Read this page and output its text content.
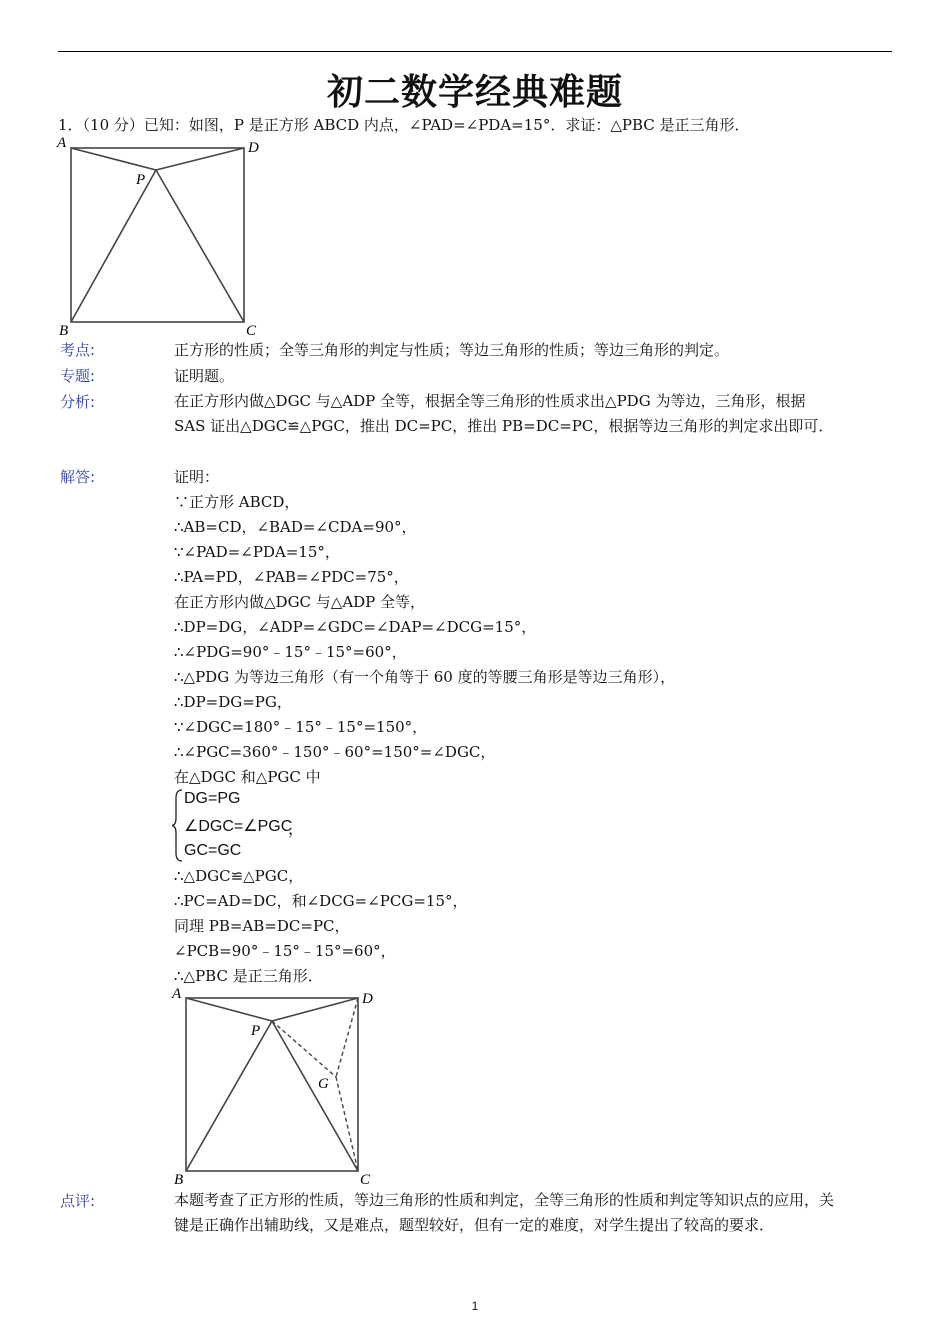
初二数学经典难题
1．（10 分）已知：如图，P 是正方形 ABCD 内点，∠PAD=∠PDA=15°．求证：△PBC 是正三角形．
A	D
P
B	C
考点:	正方形的性质；全等三角形的判定与性质；等边三角形的性质；等边三角形的判定。
专题:	证明题。
分析:	在正方形内做△DGC 与△ADP 全等，根据全等三角形的性质求出△PDG 为等边，三角形，根据 SAS 证出△DGC≌△PGC，推出 DC=PC，推出 PB=DC=PC，根据等边三角形的判定求出即可．
解答:	证明：
∵正方形 ABCD，
∴AB=CD，∠BAD=∠CDA=90°，
∵∠PAD=∠PDA=15°，
∴PA=PD，∠PAB=∠PDC=75°，
在正方形内做△DGC 与△ADP 全等，
∴DP=DG，∠ADP=∠GDC=∠DAP=∠DCG=15°，
∴∠PDG=90°﹣15°﹣15°=60°，
∴△PDG 为等边三角形（有一个角等于 60 度的等腰三角形是等边三角形），
∴DP=DG=PG，
∵∠DGC=180°﹣15°﹣15°=150°，
∴∠PGC=360°﹣150°﹣60°=150°=∠DGC，
在△DGC 和△PGC 中
DG=PG
∠DGC=∠PGC
，
GC=GC
∴△DGC≌△PGC，
∴PC=AD=DC，和∠DCG=∠PCG=15°，
同理 PB=AB=DC=PC，
∠PCB=90°﹣15°﹣15°=60°，
∴△PBC 是正三角形．
A	D
P
G
B	C
点评:	本题考查了正方形的性质，等边三角形的性质和判定，全等三角形的性质和判定等知识点的应用，关键是正确作出辅助线，又是难点，题型较好，但有一定的难度，对学生提出了较高的要求．
1
